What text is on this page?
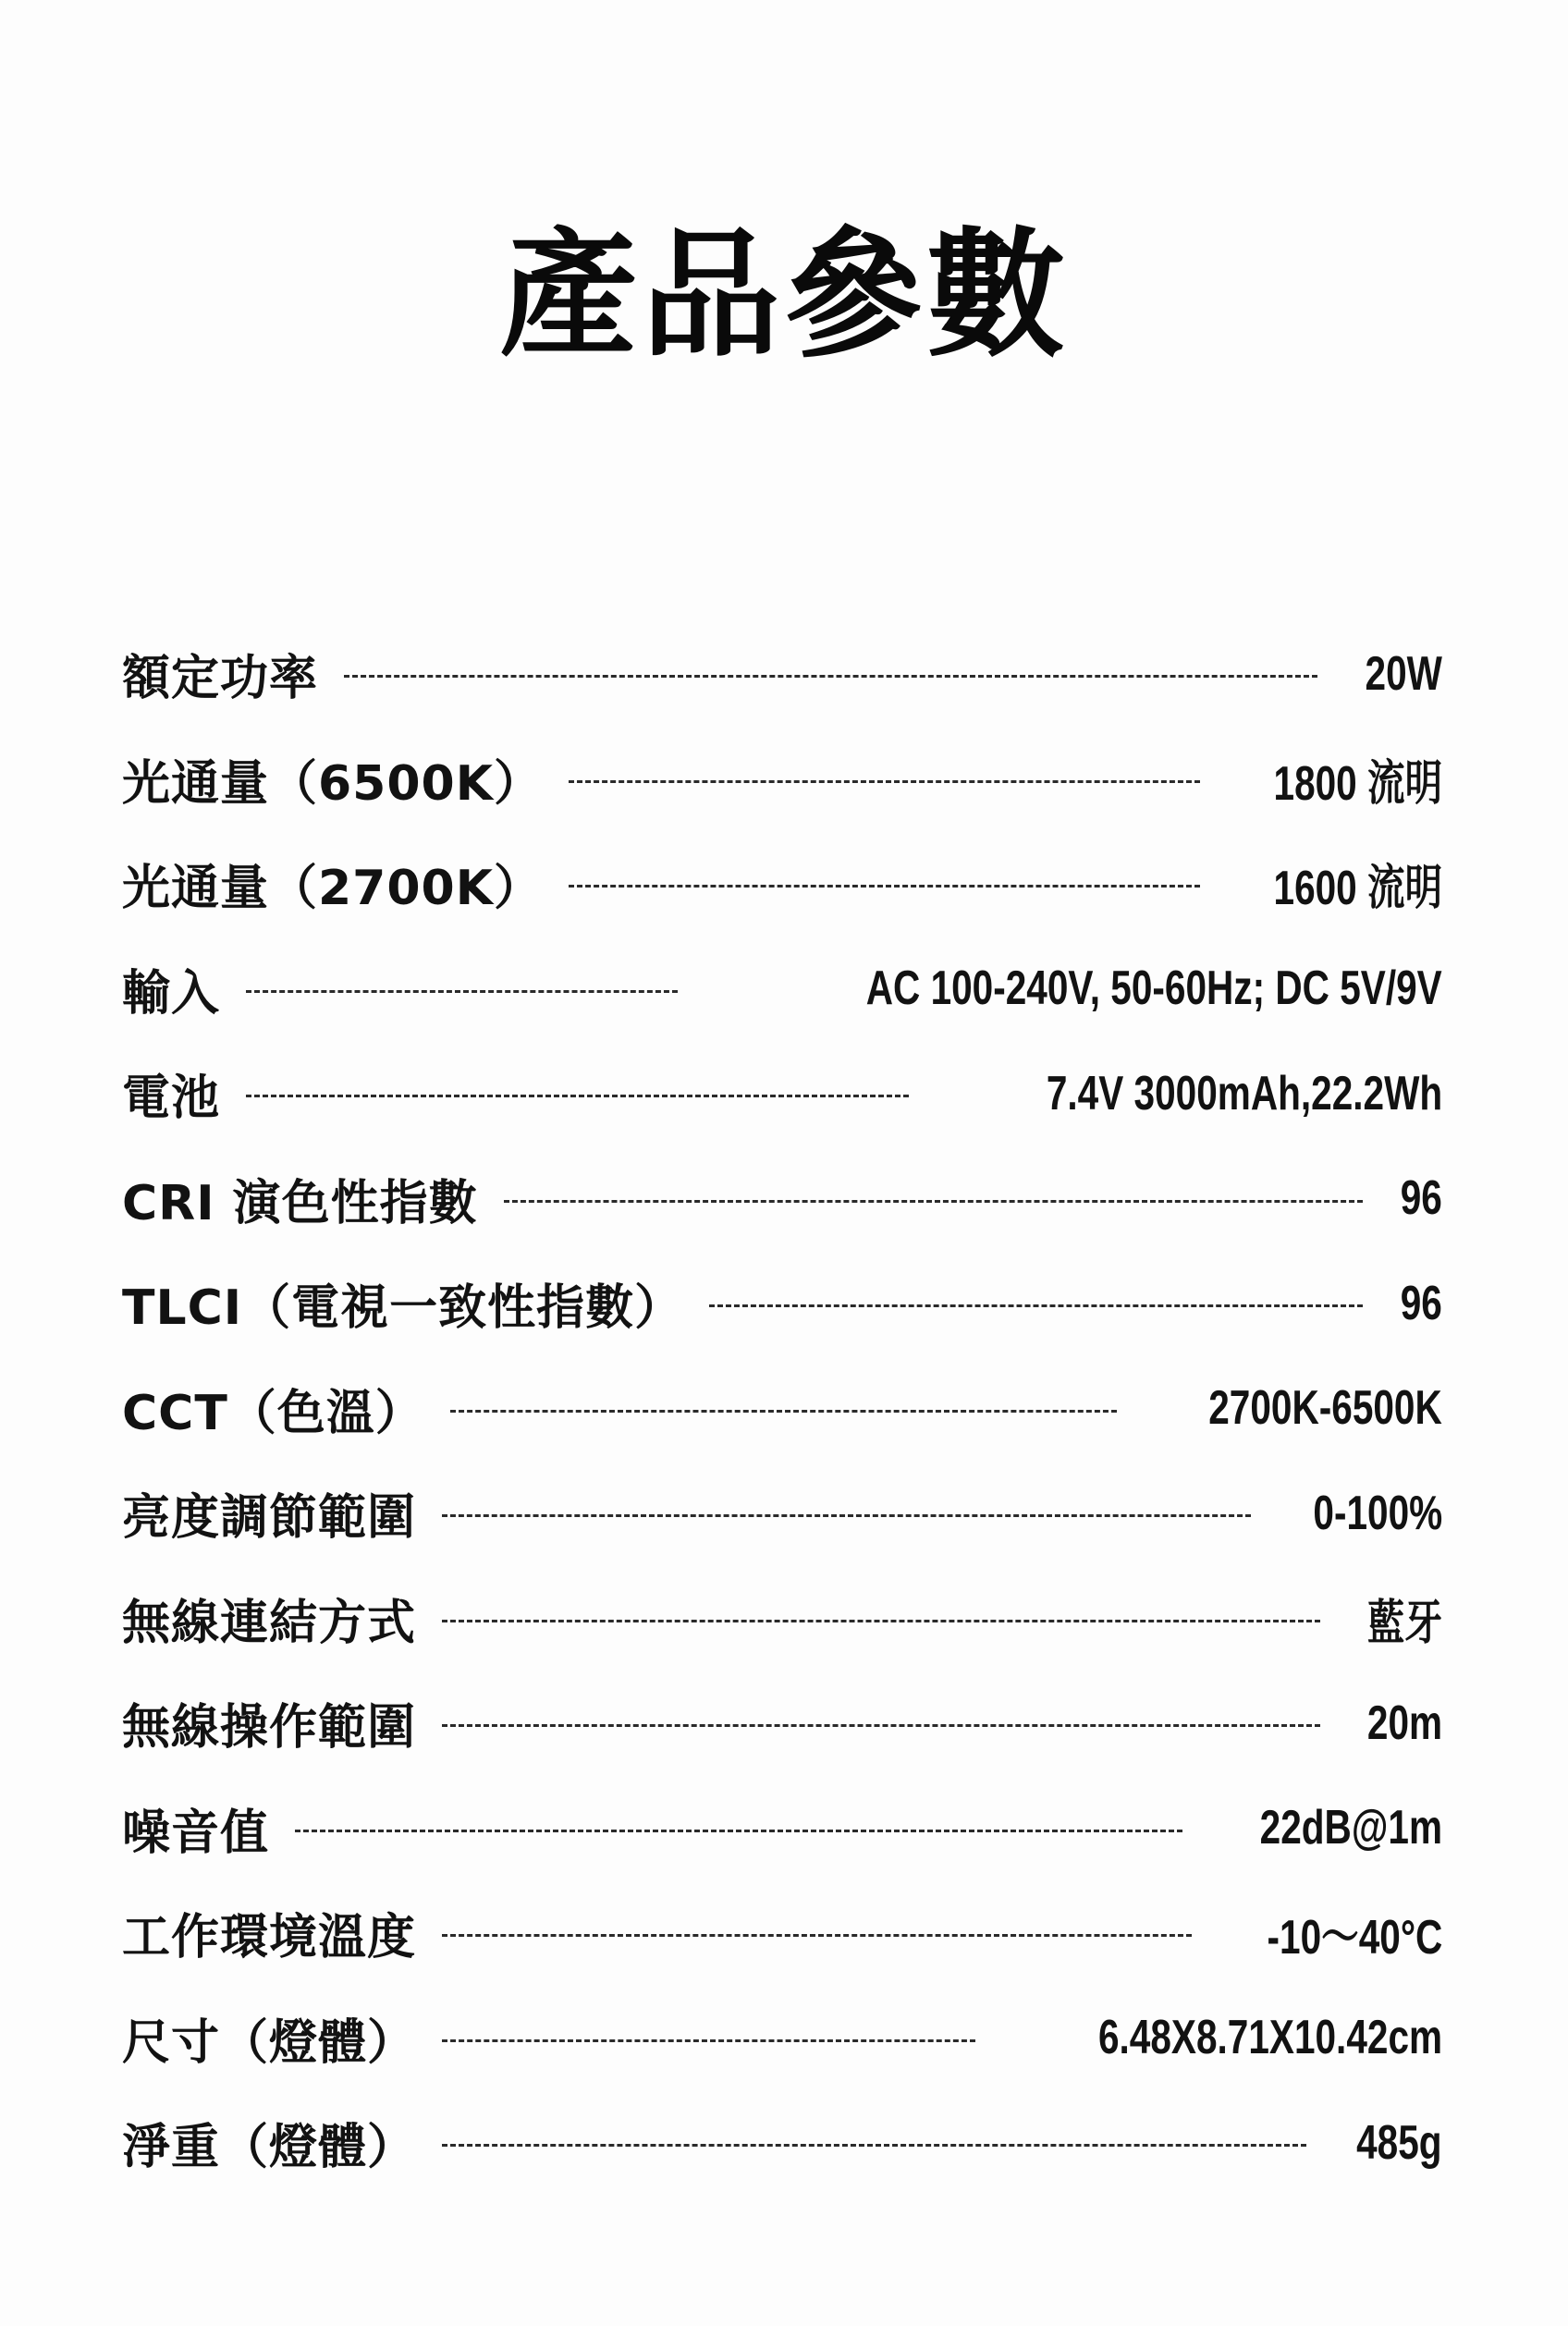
產品參數
額定功率	20W
光通量（6500K）	1800 流明
光通量（2700K）	1600 流明
輸入	AC 100-240V, 50-60Hz; DC 5V/9V
電池	7.4V 3000mAh,22.2Wh
CRI 演色性指數	96
TLCI（電視一致性指數）	96
CCT（色溫）	2700K-6500K
亮度調節範圍	0-100%
無線連結方式	藍牙
無線操作範圍	20m
噪音值	22dB@1m
工作環境溫度	-10～40°C
尺寸（燈體）	6.48X8.71X10.42cm
淨重（燈體）	485g
